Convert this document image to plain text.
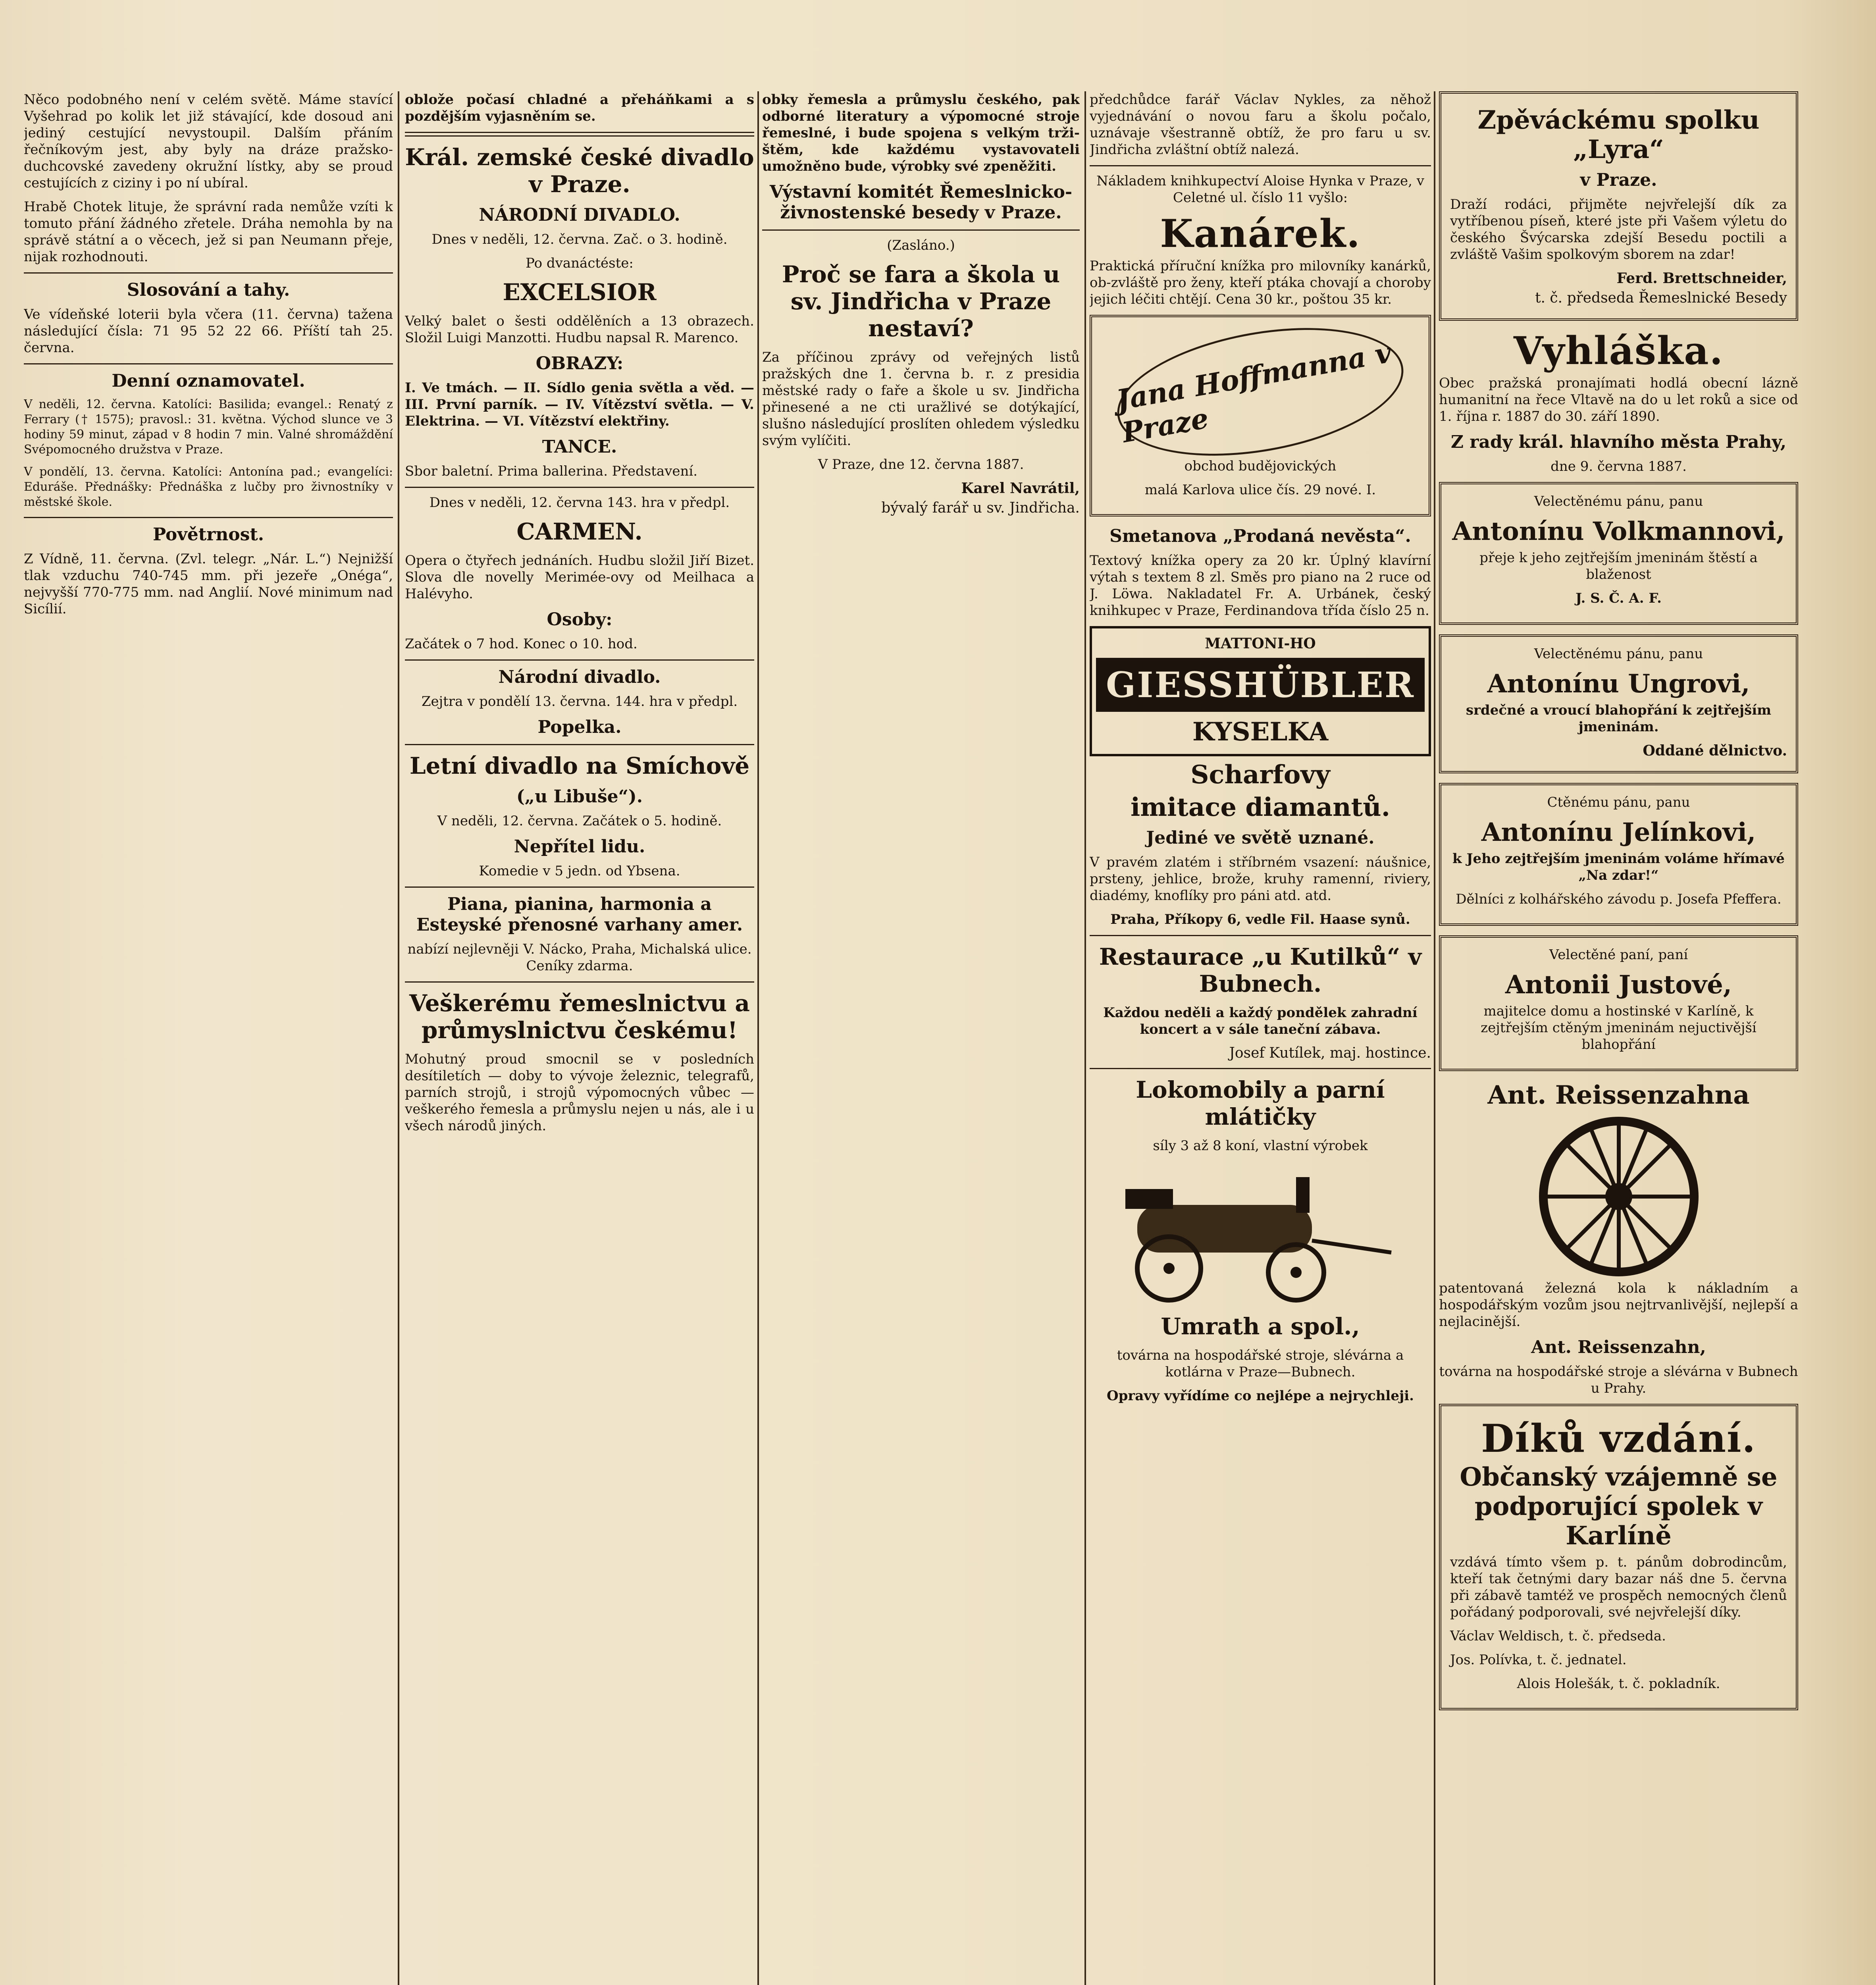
Něco podobného není v celém světě. Máme stavící Vyšehrad po kolik let již stávající, kde dosoud ani jediný cestující nevystoupil. Dalším přáním řečníkovým jest, aby byly na dráze pražsko-duchcovské zavedeny okružní lístky, aby se proud cestujících z ciziny i po ní ubíral.

Hrabě Chotek lituje, že správní rada nemůže vzíti k tomuto přání žádného zřetele. Dráha nemohla by na správě státní a o věcech, jež si pan Neumann přeje, nijak rozhodnouti.

Slosování a tahy.

Ve vídeňské loterii byla včera (11. června) tažena následující čísla: 71 95 52 22 66. Příští tah 25. června.

Denní oznamovatel.

V neděli, 12. června. Katolíci: Basilida; evangel.: Renatý z Ferrary († 1575); pravosl.: 31. května. Východ slunce ve 3 hodiny 59 minut, západ v 8 hodin 7 min. Valné shromáždění Svépomocného družstva v Praze.

V pondělí, 13. června. Katolíci: Antonína pad.; evangelíci: Eduráše. Přednášky: Přednáška z lučby pro živnostníky v městské škole.

Povětrnost.

Z Vídně, 11. června. (Zvl. telegr. „Nár. L.“) Nejnižší tlak vzduchu 740-745 mm. při jezeře „Onéga“, nejvyšší 770-775 mm. nad Anglií. Nové minimum nad Sicílií.

oblože počasí chladné a přeháňkami a s pozdějším vyjasněním se.

Král. zemské české divadlo v Praze.
NÁRODNÍ DIVADLO.

Dnes v neděli, 12. června. Zač. o 3. hodině.

Po dvanáctéste:

EXCELSIOR

Velký balet o šesti oddělěních a 13 obrazech. Složil Luigi Manzotti. Hudbu napsal R. Marenco.

OBRAZY:

I. Ve tmách. — II. Sídlo genia světla a věd. — III. První parník. — IV. Vítězství světla. — V. Elektrina. — VI. Vítězství elektřiny.

TANCE.

Sbor baletní. Prima ballerina. Představení.

Dnes v neděli, 12. června 143. hra v předpl.

CARMEN.

Opera o čtyřech jednáních. Hudbu složil Jiří Bizet. Slova dle novelly Merimée-ovy od Meilhaca a Halévyho.

Osoby:

Začátek o 7 hod. Konec o 10. hod.

Národní divadlo.

Zejtra v pondělí 13. června. 144. hra v předpl.

Popelka.
Letní divadlo na Smíchově
(„u Libuše“).

V neděli, 12. června. Začátek o 5. hodině.

Nepřítel lidu.

Komedie v 5 jedn. od Ybsena.

Piana, pianina, harmonia a Esteyské přenosné varhany amer.

nabízí nejlevněji V. Nácko, Praha, Michalská ulice. Ceníky zdarma.

Veškerému řemeslnictvu a průmyslnictvu českému!

Mohutný proud smocnil se v posledních desítiletích — doby to vývoje železnic, telegrafů, parních strojů, i strojů výpomocných vůbec — veškerého řemesla a průmyslu nejen u nás, ale i u všech národů jiných.

obky řemesla a průmyslu českého, pak odborné literatury a výpomocné stroje řemeslné, i bude spojena s velkým trži-štěm, kde každému vystavovateli umožněno bude, výrobky své zpeněžiti.

Výstavní komitét Řemeslnicko-živnostenské besedy v Praze.

(Zasláno.)

Proč se fara a škola u sv. Jindřicha v Praze nestaví?

Za příčinou zprávy od veřejných listů pražských dne 1. června b. r. z presidia městské rady o faře a škole u sv. Jindřicha přinesené a ne cti uražlivé se dotýkající, slušno následující proslíten ohledem výsledku svým vylíčiti.

V Praze, dne 12. června 1887.

Karel Navrátil,

bývalý farář u sv. Jindřicha.

předchůdce farář Václav Nykles, za něhož vyjednávání o novou faru a školu počalo, uznávaje všestranně obtíž, že pro faru u sv. Jindřicha zvláštní obtíž nalezá.

Nákladem knihkupectví Aloise Hynka v Praze, v Celetné ul. číslo 11 vyšlo:

Kanárek.

Praktická příruční knížka pro milovníky kanárků, ob-zvláště pro ženy, kteří ptáka chovají a choroby jejich léčiti chtějí. Cena 30 kr., poštou 35 kr.

Jana Hoffmanna v Praze

obchod budějovických

malá Karlova ulice čís. 29 nové. I.

Smetanova „Prodaná nevěsta“.

Textový knížka opery za 20 kr. Úplný klavírní výtah s textem 8 zl. Směs pro piano na 2 ruce od J. Löwa. Nakladatel Fr. A. Urbánek, český knihkupec v Praze, Ferdinandova třída číslo 25 n.

MATTONI-HO
GIESSHÜBLER
KYSELKA
Scharfovy
imitace diamantů.
Jediné ve světě uznané.

V pravém zlatém i stříbrném vsazení: náušnice, prsteny, jehlice, brože, kruhy ramenní, riviery, diadémy, knoflíky pro páni atd. atd.

Praha, Příkopy 6, vedle Fil. Haase synů.

Restaurace „u Kutilků“ v Bubnech.

Každou neděli a každý pondělek zahradní koncert a v sále taneční zábava.

Josef Kutílek, maj. hostince.

Lokomobily a parní mlátičky

síly 3 až 8 koní, vlastní výrobek

Umrath a spol.,

továrna na hospodářské stroje, slévárna a kotlárna v Praze—Bubnech.

Opravy vyřídíme co nejlépe a nejrychleji.

Zpěváckému spolku „Lyra“
v Praze.

Draží rodáci, přijměte nejvřelejší dík za vytříbenou píseň, které jste při Vašem výletu do českého Švýcarska zdejší Besedu poctili a zvláště Vašim spolkovým sborem na zdar!

Ferd. Brettschneider,

t. č. předseda Řemeslnické Besedy

Vyhláška.

Obec pražská pronajímati hodlá obecní lázně humanitní na řece Vltavě na do u let roků a sice od 1. října r. 1887 do 30. září 1890.

Z rady král. hlavního města Prahy,

dne 9. června 1887.

Velectěnému pánu, panu

Antonínu Volkmannovi,

přeje k jeho zejtřejším jmeninám štěstí a blaženost

J. S. Č. A. F.

Velectěnému pánu, panu

Antonínu Ungrovi,

srdečné a vroucí blahopřání k zejtřejším jmeninám.

Oddané dělnictvo.

Ctěnému pánu, panu

Antonínu Jelínkovi,

k Jeho zejtřejším jmeninám voláme hřímavé „Na zdar!“

Dělníci z kolhářského závodu p. Josefa Pfeffera.

Velectěné paní, paní

Antonii Justové,

majitelce domu a hostinské v Karlíně, k zejtřejším ctěným jmeninám nejuctivější blahopřání

Ant. Reissenzahna

patentovaná železná kola k nákladním a hospodářským vozům jsou nejtrvanlivější, nejlepší a nejlacinější.

Ant. Reissenzahn,

továrna na hospodářské stroje a slévárna v Bubnech u Prahy.

Díků vzdání.
Občanský vzájemně se podporující spolek v Karlíně

vzdává tímto všem p. t. pánům dobrodincům, kteří tak četnými dary bazar náš dne 5. června při zábavě tamtéž ve prospěch nemocných členů pořádaný podporovali, své nejvřelejší díky.

Václav Weldisch, t. č. předseda.

Jos. Polívka, t. č. jednatel.

Alois Holešák, t. č. pokladník.
